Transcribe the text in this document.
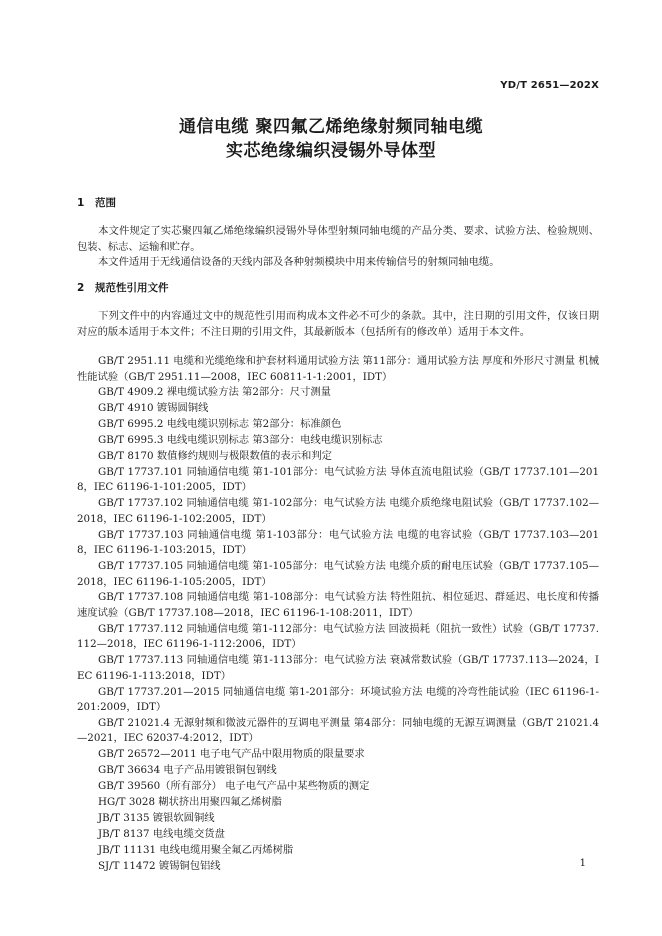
YD/T 2651—202X
通信电缆 聚四氟乙烯绝缘射频同轴电缆
实芯绝缘编织浸锡外导体型
1 范围
本文件规定了实芯聚四氟乙烯绝缘编织浸锡外导体型射频同轴电缆的产品分类、要求、试验方法、检验规则、包装、标志、运输和贮存。
本文件适用于无线通信设备的天线内部及各种射频模块中用来传输信号的射频同轴电缆。
2 规范性引用文件
下列文件中的内容通过文中的规范性引用而构成本文件必不可少的条款。其中，注日期的引用文件，仅该日期对应的版本适用于本文件；不注日期的引用文件，其最新版本（包括所有的修改单）适用于本文件。

GB/T 2951.11 电缆和光缆绝缘和护套材料通用试验方法 第11部分：通用试验方法 厚度和外形尺寸测量 机械性能试验（GB/T 2951.11—2008，IEC 60811-1-1:2001，IDT）

GB/T 4909.2 裸电缆试验方法 第2部分：尺寸测量

GB/T 4910 镀锡圆铜线

GB/T 6995.2 电线电缆识别标志 第2部分：标准颜色

GB/T 6995.3 电线电缆识别标志 第3部分：电线电缆识别标志

GB/T 8170 数值修约规则与极限数值的表示和判定

GB/T 17737.101 同轴通信电缆 第1-101部分：电气试验方法 导体直流电阻试验（GB/T 17737.101—2018，IEC 61196-1-101:2005，IDT）

GB/T 17737.102 同轴通信电缆 第1-102部分：电气试验方法 电缆介质绝缘电阻试验（GB/T 17737.102—2018，IEC 61196-1-102:2005，IDT）

GB/T 17737.103 同轴通信电缆 第1-103部分：电气试验方法 电缆的电容试验（GB/T 17737.103—2018，IEC 61196-1-103:2015，IDT）

GB/T 17737.105 同轴通信电缆 第1-105部分：电气试验方法 电缆介质的耐电压试验（GB/T 17737.105—2018，IEC 61196-1-105:2005，IDT）

GB/T 17737.108 同轴通信电缆 第1-108部分：电气试验方法 特性阻抗、相位延迟、群延迟、电长度和传播速度试验（GB/T 17737.108—2018，IEC 61196-1-108:2011，IDT）

GB/T 17737.112 同轴通信电缆 第1-112部分：电气试验方法 回波损耗（阻抗一致性）试验（GB/T 17737.112—2018，IEC 61196-1-112:2006，IDT）

GB/T 17737.113 同轴通信电缆 第1-113部分：电气试验方法 衰减常数试验（GB/T 17737.113—2024，IEC 61196-1-113:2018，IDT）

GB/T 17737.201—2015 同轴通信电缆 第1-201部分：环境试验方法 电缆的冷弯性能试验（IEC 61196-1-201:2009，IDT）

GB/T 21021.4 无源射频和微波元器件的互调电平测量 第4部分：同轴电缆的无源互调测量（GB/T 21021.4—2021，IEC 62037-4:2012，IDT）

GB/T 26572—2011 电子电气产品中限用物质的限量要求

GB/T 36634 电子产品用镀银铜包钢线

GB/T 39560（所有部分） 电子电气产品中某些物质的测定

HG/T 3028 糊状挤出用聚四氟乙烯树脂

JB/T 3135 镀银软圆铜线

JB/T 8137 电线电缆交货盘

JB/T 11131 电线电缆用聚全氟乙丙烯树脂

SJ/T 11472 镀锡铜包铝线	1
